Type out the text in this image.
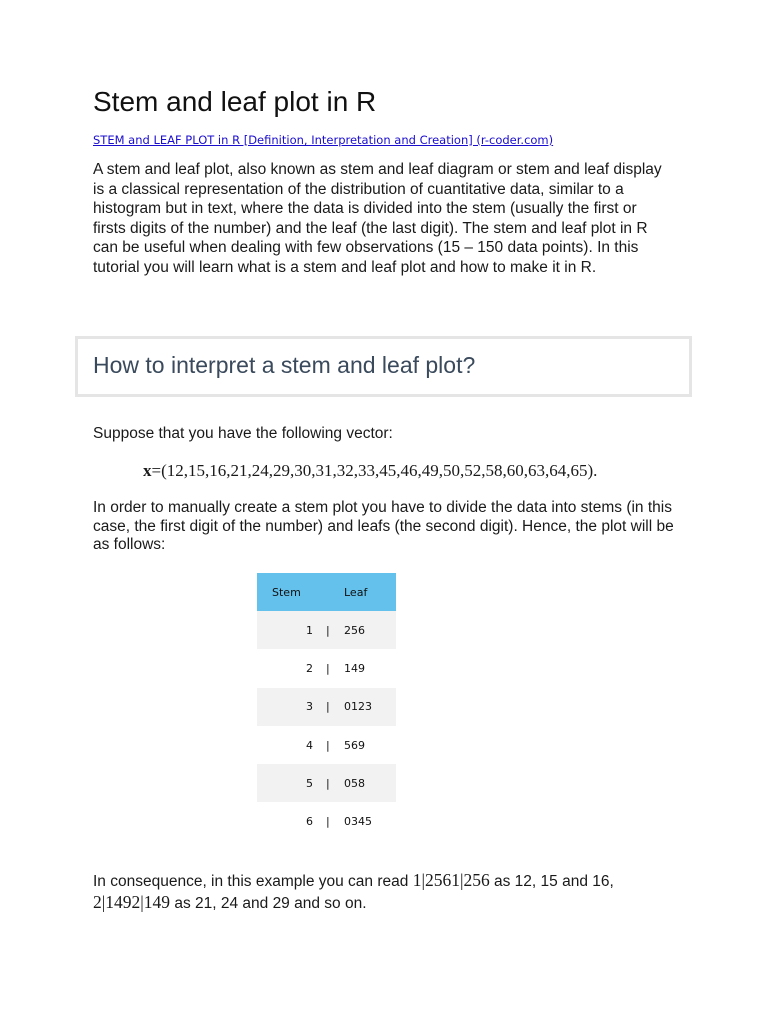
Stem and leaf plot in R
STEM and LEAF PLOT in R [Definition, Interpretation and Creation] (r-coder.com)

A stem and leaf plot, also known as stem and leaf diagram or stem and leaf display is a classical representation of the distribution of cuantitative data, similar to a histogram but in text, where the data is divided into the stem (usually the first or firsts digits of the number) and the leaf (the last digit). The stem and leaf plot in R can be useful when dealing with few observations (15 – 150 data points). In this tutorial you will learn what is a stem and leaf plot and how to make it in R.

How to interpret a stem and leaf plot?

Suppose that you have the following vector:

x=(12,15,16,21,24,29,30,31,32,33,45,46,49,50,52,58,60,63,64,65).

In order to manually create a stem plot you have to divide the data into stems (in this case, the first digit of the number) and leafs (the second digit). Hence, the plot will be as follows:

Stem		Leaf
1	|	256
2	|	149
3	|	0123
4	|	569
5	|	058
6	|	0345

In consequence, in this example you can read 1|2561|256 as 12, 15 and 16, 2|1492|149 as 21, 24 and 29 and so on.
